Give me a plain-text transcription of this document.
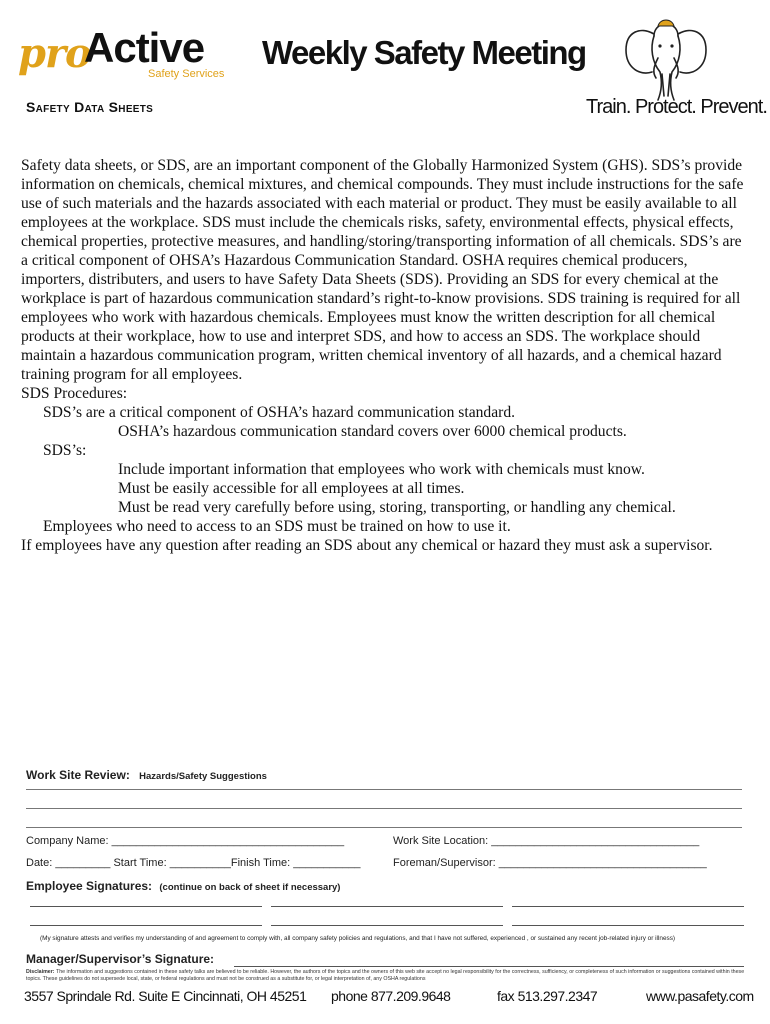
pro
Active
Safety Services
Weekly Safety Meeting
Safety Data Sheets	Train. Protect. Prevent.

Safety data sheets, or SDS, are an important component of the Globally Harmonized System (GHS). SDS’s provide information on chemicals, chemical mixtures, and chemical compounds. They must include instructions for the safe use of such materials and the hazards associated with each material or product. They must be easily available to all employees at the workplace. SDS must include the chemicals risks, safety, environmental effects, physical effects, chemical properties, protective measures, and handling/storing/transporting information of all chemicals. SDS’s are a critical component of OHSA’s Hazardous Communication Standard. OSHA requires chemical producers, importers, distributers, and users to have Safety Data Sheets (SDS). Providing an SDS for every chemical at the workplace is part of hazardous communication standard’s right-to-know provisions. SDS training is required for all employees who work with hazardous chemicals. Employees must know the written description for all chemical products at their workplace, how to use and interpret SDS, and how to access an SDS. The workplace should maintain a hazardous communication program, written chemical inventory of all hazards, and a chemical hazard training program for all employees.

SDS Procedures:

SDS’s are a critical component of OSHA’s hazard communication standard.

OSHA’s hazardous communication standard covers over 6000 chemical products.

SDS’s:

Include important information that employees who work with chemicals must know.

Must be easily accessible for all employees at all times.

Must be read very carefully before using, storing, transporting, or handling any chemical.

Employees who need to access to an SDS must be trained on how to use it.

If employees have any question after reading an SDS about any chemical or hazard they must ask a supervisor.

Work Site Review: Hazards/Safety Suggestions
Company Name: ______________________________________	Work Site Location: __________________________________
Date: _________ Start Time: __________Finish Time: ___________	Foreman/Supervisor: __________________________________
Employee Signatures: (continue on back of sheet if necessary)
(My signature attests and verifies my understanding of and agreement to comply with, all company safety policies and regulations, and that I have not suffered, experienced , or sustained any recent job-related injury or illness)
Manager/Supervisor’s Signature:
Disclaimer: The information and suggestions contained in these safety talks are believed to be reliable. However, the authors of the topics and the owners of this web site accept no legal responsibility for the correctness, sufficiency, or completeness of such information or suggestions contained within these topics. These guidelines do not supersede local, state, or federal regulations and must not be construed as a substitute for, or legal interpretation of, any OSHA regulations
3557 Sprindale Rd. Suite E Cincinnati, OH 45251 phone 877.209.9648	fax 513.297.2347	www.pasafety.com
